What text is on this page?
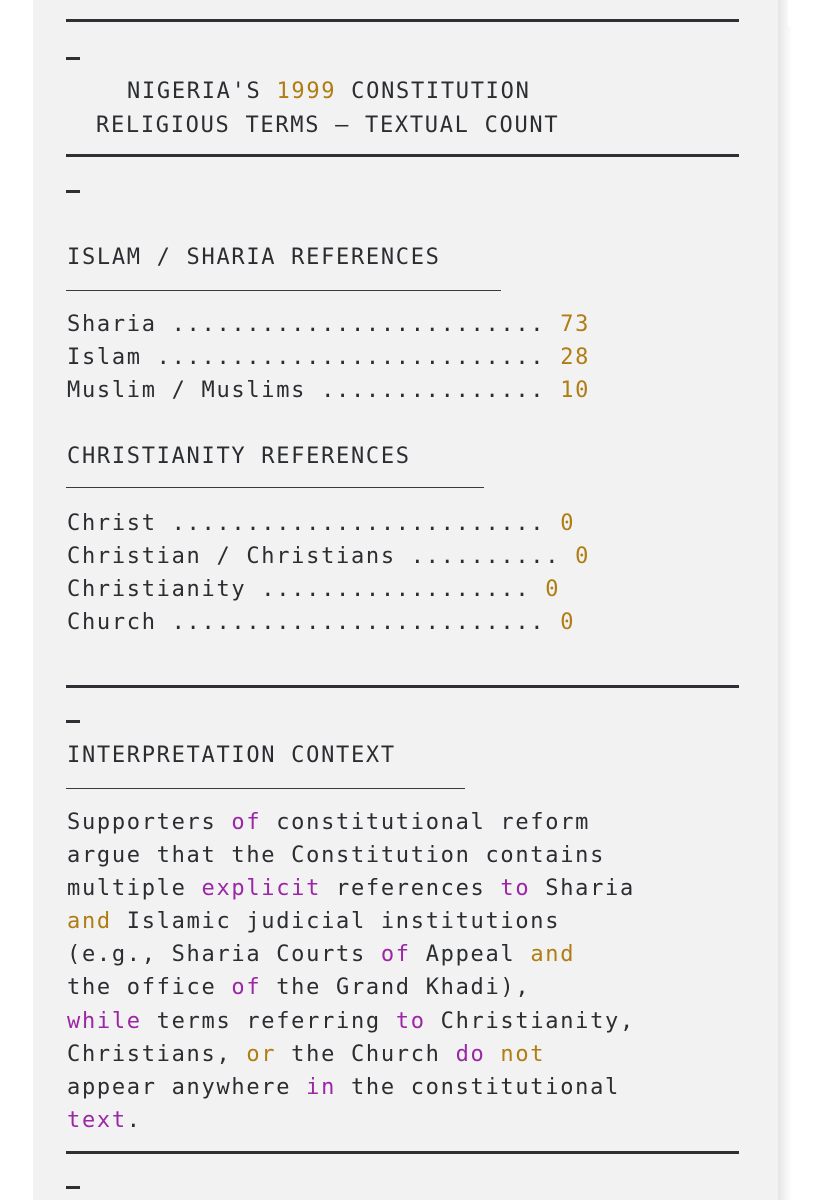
NIGERIA'S 1999 CONSTITUTION
RELIGIOUS TERMS – TEXTUAL COUNT
ISLAM / SHARIA REFERENCES
Sharia ......................... 73
Islam .......................... 28
Muslim / Muslims ............... 10
CHRISTIANITY REFERENCES
Christ ......................... 0
Christian / Christians .......... 0
Christianity .................. 0
Church ......................... 0
INTERPRETATION CONTEXT
Supporters of constitutional reform
argue that the Constitution contains
multiple explicit references to Sharia
and Islamic judicial institutions
(e.g., Sharia Courts of Appeal and
the office of the Grand Khadi),
while terms referring to Christianity,
Christians, or the Church do not
appear anywhere in the constitutional
text.
